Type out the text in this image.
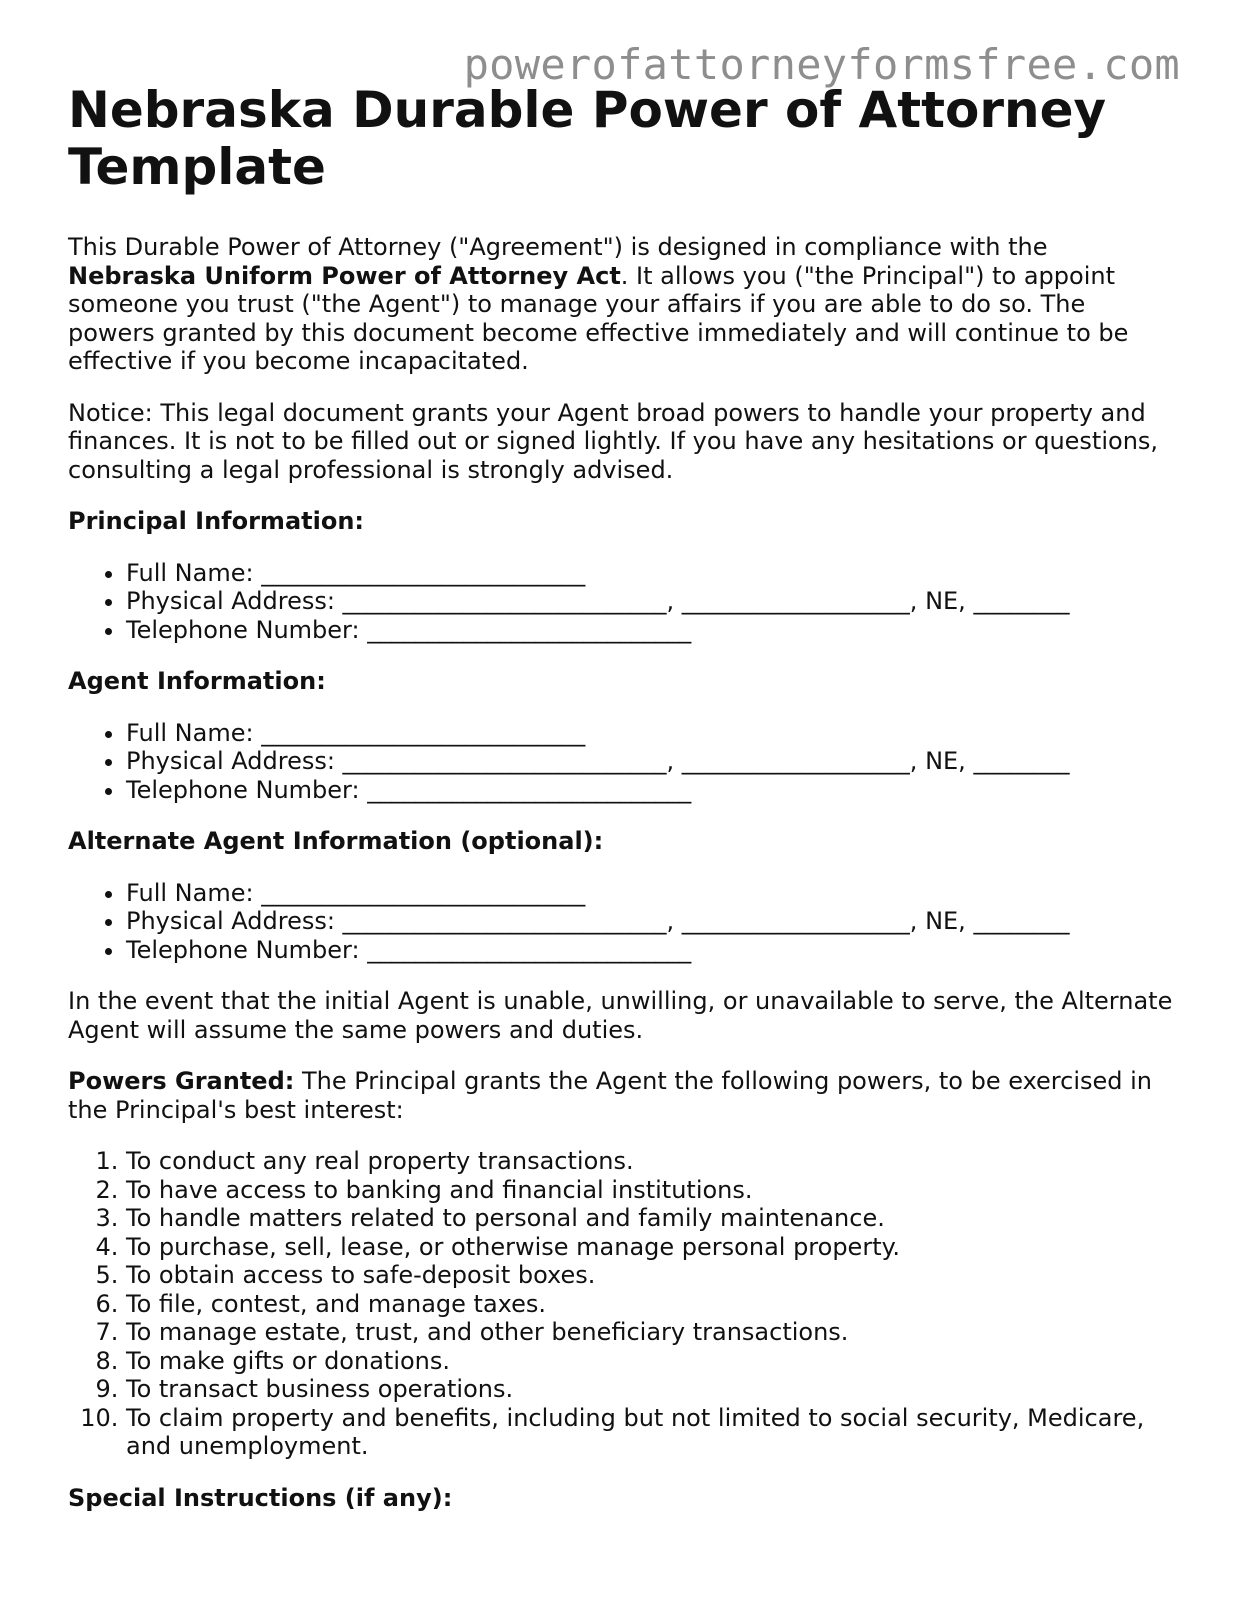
powerofattorneyformsfree.com
Nebraska Durable Power of Attorney Template

This Durable Power of Attorney ("Agreement") is designed in compliance with the Nebraska Uniform Power of Attorney Act. It allows you ("the Principal") to appoint someone you trust ("the Agent") to manage your affairs if you are able to do so. The powers granted by this document become effective immediately and will continue to be effective if you become incapacitated.

Notice: This legal document grants your Agent broad powers to handle your property and finances. It is not to be filled out or signed lightly. If you have any hesitations or questions, consulting a legal professional is strongly advised.

Principal Information:

• Full Name: ___________________________
• Physical Address: ___________________________, ___________________, NE, ________
• Telephone Number: ___________________________

Agent Information:

• Full Name: ___________________________
• Physical Address: ___________________________, ___________________, NE, ________
• Telephone Number: ___________________________

Alternate Agent Information (optional):

• Full Name: ___________________________
• Physical Address: ___________________________, ___________________, NE, ________
• Telephone Number: ___________________________

In the event that the initial Agent is unable, unwilling, or unavailable to serve, the Alternate Agent will assume the same powers and duties.

Powers Granted: The Principal grants the Agent the following powers, to be exercised in the Principal's best interest:

1. To conduct any real property transactions.
2. To have access to banking and financial institutions.
3. To handle matters related to personal and family maintenance.
4. To purchase, sell, lease, or otherwise manage personal property.
5. To obtain access to safe-deposit boxes.
6. To file, contest, and manage taxes.
7. To manage estate, trust, and other beneficiary transactions.
8. To make gifts or donations.
9. To transact business operations.
10. To claim property and benefits, including but not limited to social security, Medicare, and unemployment.

Special Instructions (if any):
